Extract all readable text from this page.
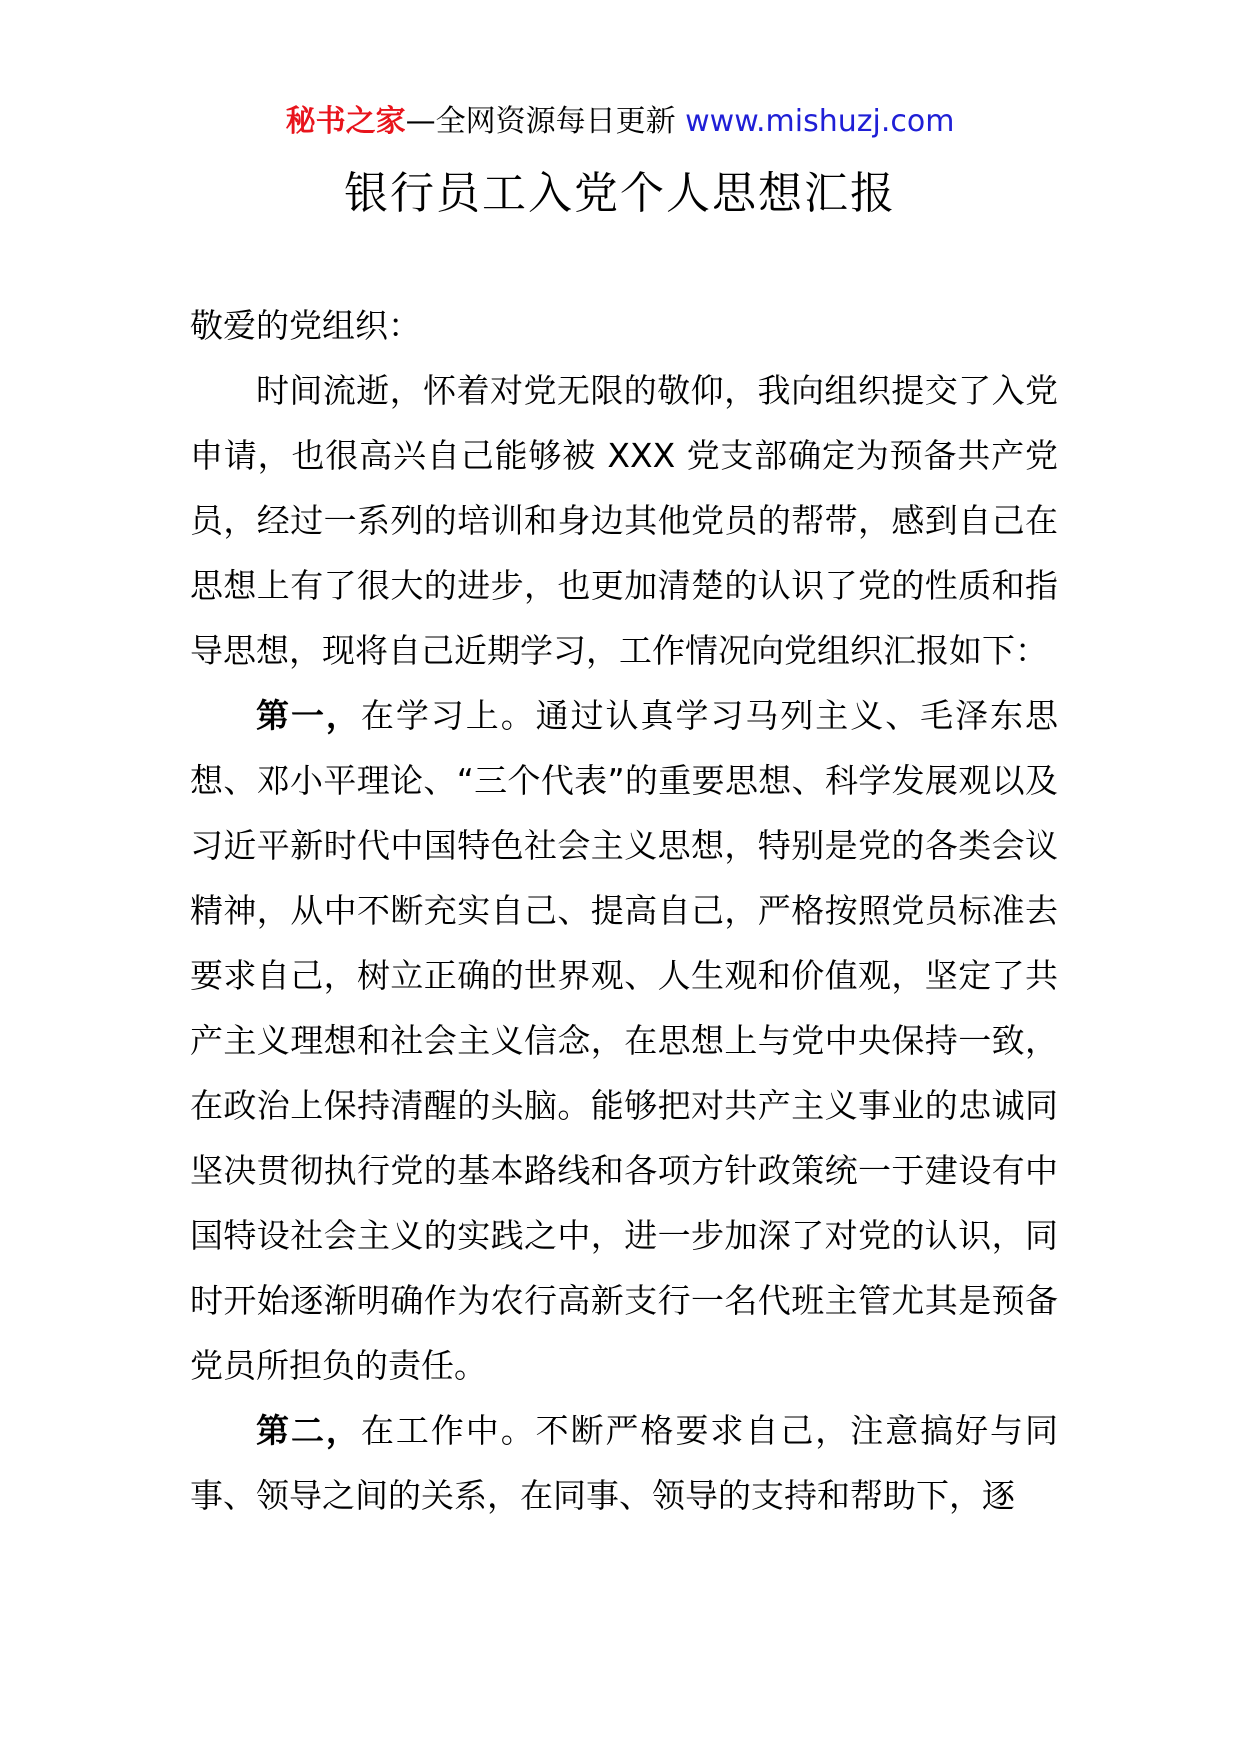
秘书之家—全网资源每日更新 www.mishuzj.com
银行员工入党个人思想汇报

敬爱的党组织：

时间流逝，怀着对党无限的敬仰，我向组织提交了入党申请，也很高兴自己能够被 XXX 党支部确定为预备共产党员，经过一系列的培训和身边其他党员的帮带，感到自己在思想上有了很大的进步，也更加清楚的认识了党的性质和指导思想，现将自己近期学习，工作情况向党组织汇报如下：

第一，在学习上。通过认真学习马列主义、毛泽东思想、邓小平理论、“三个代表”的重要思想、科学发展观以及习近平新时代中国特色社会主义思想，特别是党的各类会议精神，从中不断充实自己、提高自己，严格按照党员标准去要求自己，树立正确的世界观、人生观和价值观，坚定了共产主义理想和社会主义信念，在思想上与党中央保持一致，在政治上保持清醒的头脑。能够把对共产主义事业的忠诚同坚决贯彻执行党的基本路线和各项方针政策统一于建设有中国特设社会主义的实践之中，进一步加深了对党的认识，同时开始逐渐明确作为农行高新支行一名代班主管尤其是预备党员所担负的责任。

第二，在工作中。不断严格要求自己，注意搞好与同事、领导之间的关系，在同事、领导的支持和帮助下，逐
